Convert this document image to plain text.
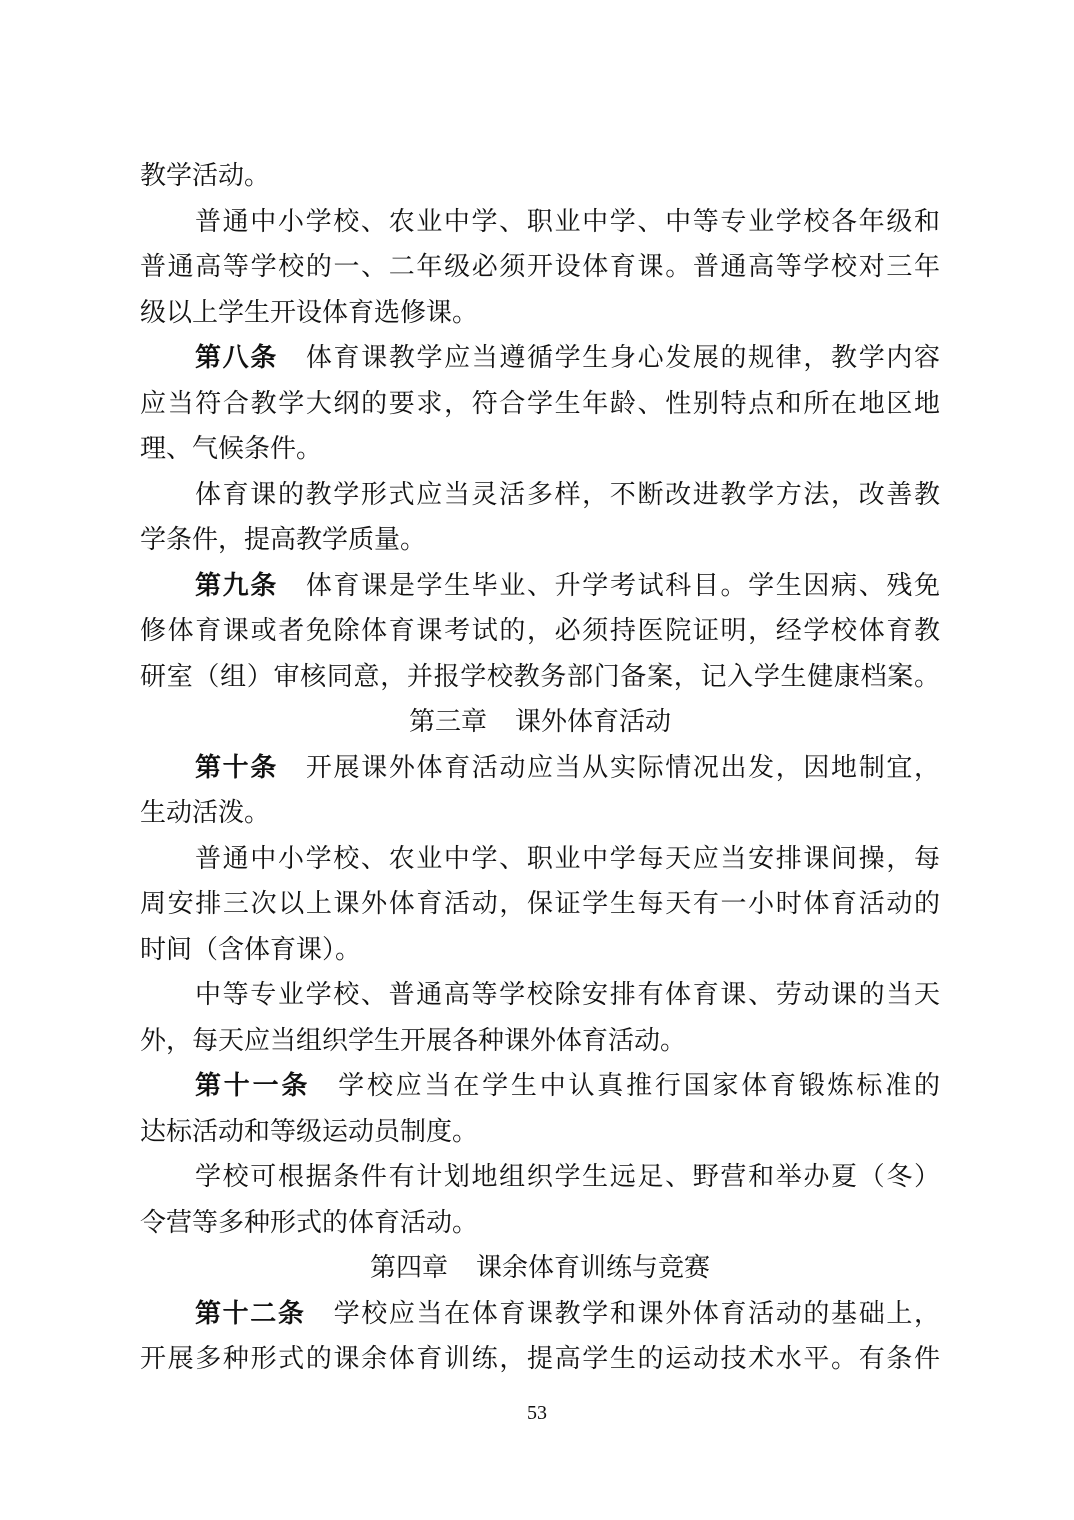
教学活动。
普通中小学校、农业中学、职业中学、中等专业学校各年级和
普通高等学校的一、二年级必须开设体育课。普通高等学校对三年
级以上学生开设体育选修课。
第八条 体育课教学应当遵循学生身心发展的规律，教学内容
应当符合教学大纲的要求，符合学生年龄、性别特点和所在地区地
理、气候条件。
体育课的教学形式应当灵活多样，不断改进教学方法，改善教
学条件，提高教学质量。
第九条 体育课是学生毕业、升学考试科目。学生因病、残免
修体育课或者免除体育课考试的，必须持医院证明，经学校体育教
研室（组）审核同意，并报学校教务部门备案，记入学生健康档案。
第三章 课外体育活动
第十条 开展课外体育活动应当从实际情况出发，因地制宜，
生动活泼。
普通中小学校、农业中学、职业中学每天应当安排课间操，每
周安排三次以上课外体育活动，保证学生每天有一小时体育活动的
时间（含体育课）。
中等专业学校、普通高等学校除安排有体育课、劳动课的当天
外，每天应当组织学生开展各种课外体育活动。
第十一条 学校应当在学生中认真推行国家体育锻炼标准的
达标活动和等级运动员制度。
学校可根据条件有计划地组织学生远足、野营和举办夏（冬）
令营等多种形式的体育活动。
第四章 课余体育训练与竞赛
第十二条 学校应当在体育课教学和课外体育活动的基础上，
开展多种形式的课余体育训练，提高学生的运动技术水平。有条件
53
